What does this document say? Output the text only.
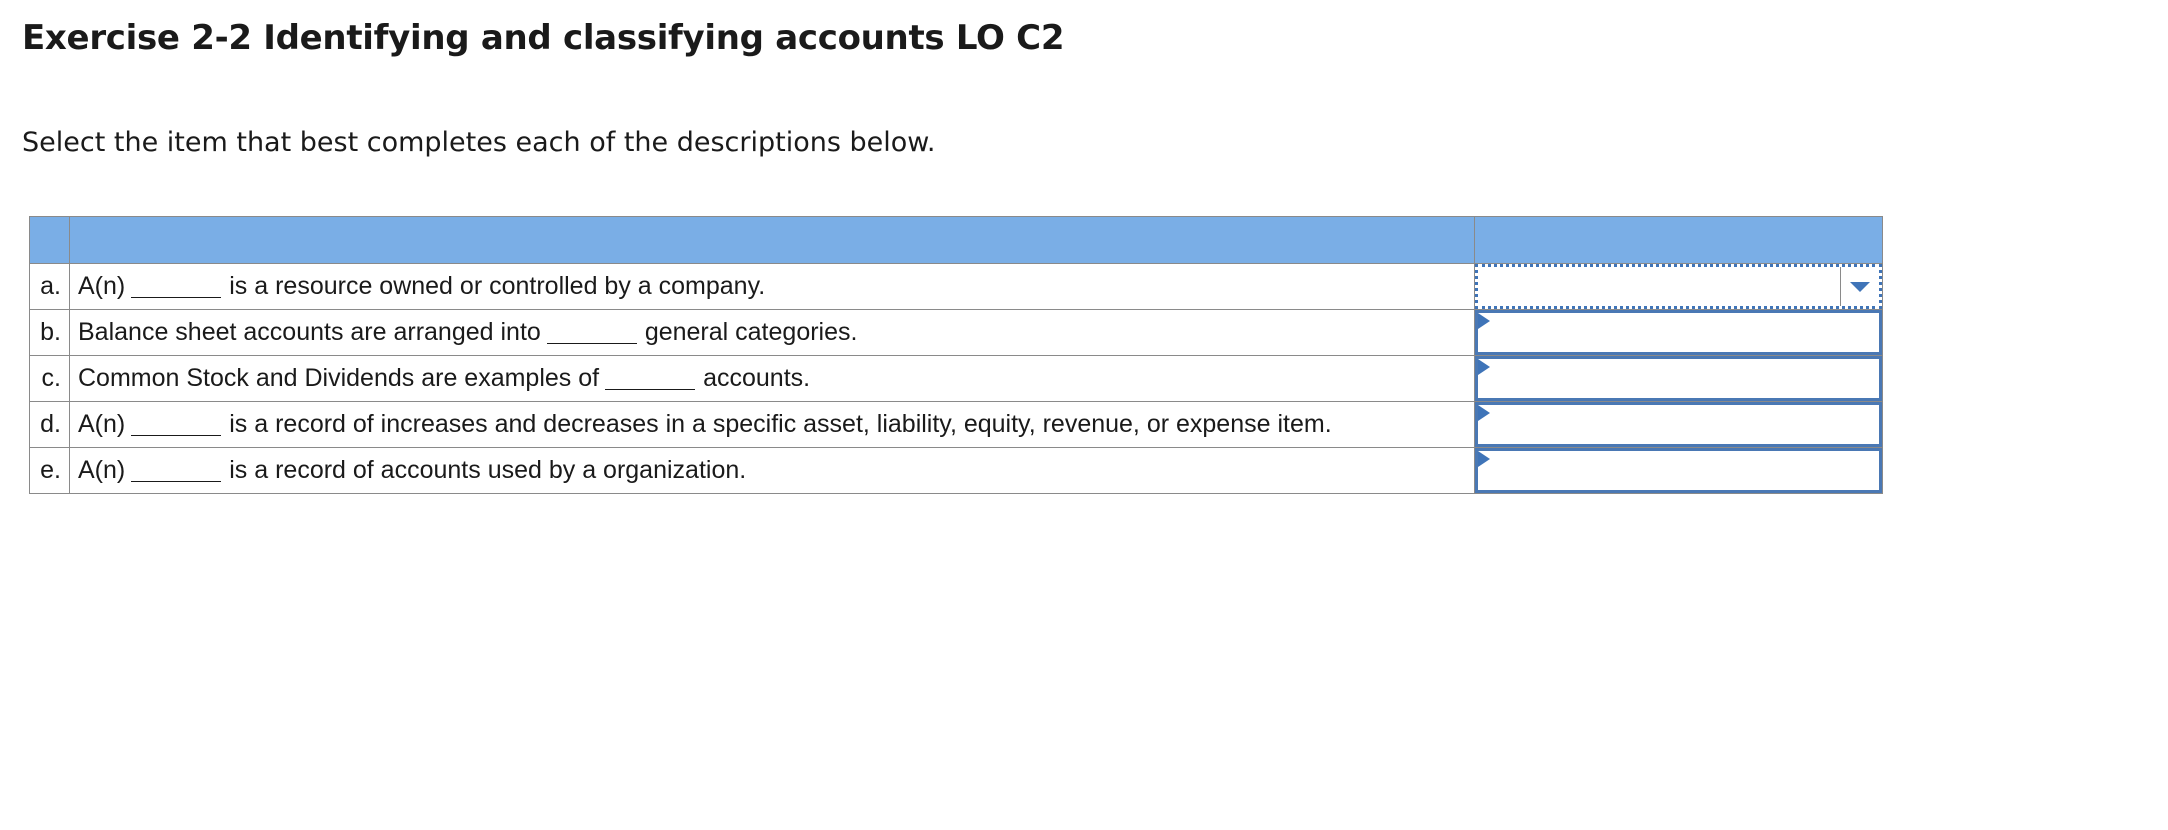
Exercise 2-2 Identifying and classifying accounts LO C2

Select the item that best completes each of the descriptions below.

a.	A(n) is a resource owned or controlled by a company.	

b.	Balance sheet accounts are arranged into general categories.	

c.	Common Stock and Dividends are examples of accounts.	

d.	A(n) is a record of increases and decreases in a specific asset, liability, equity, revenue, or expense item.	

e.	A(n) is a record of accounts used by a organization.	
